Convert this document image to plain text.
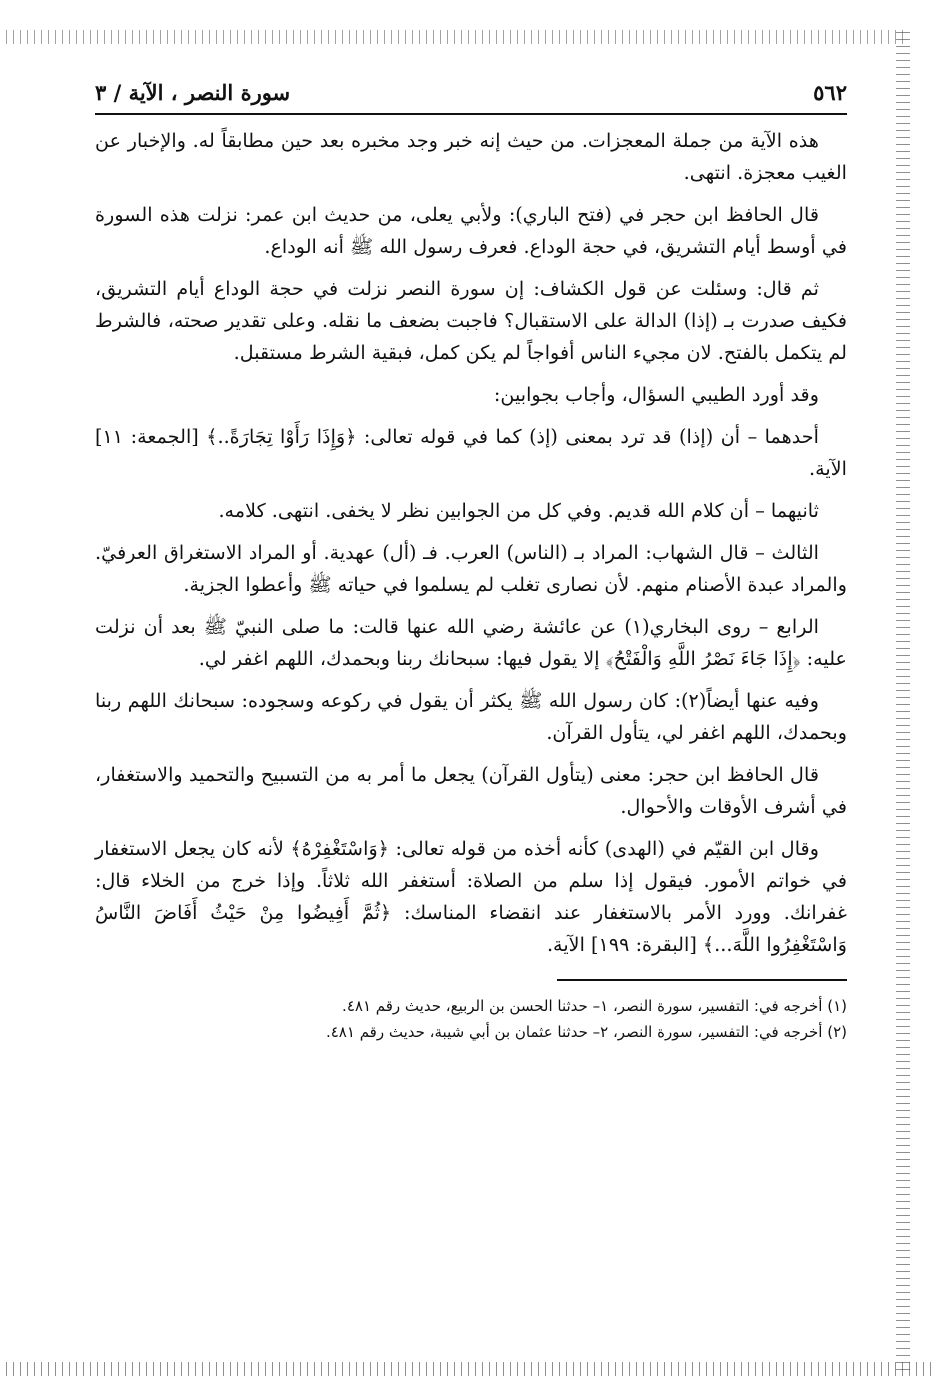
٥٦٢
سورة النصر ، الآية / ٣

هذه الآية من جملة المعجزات. من حيث إنه خبر وجد مخبره بعد حين مطابقاً له. والإخبار عن الغيب معجزة. انتهى.

قال الحافظ ابن حجر في (فتح الباري): ولأبي يعلى، من حديث ابن عمر: نزلت هذه السورة في أوسط أيام التشريق، في حجة الوداع. فعرف رسول الله ﷺ أنه الوداع.

ثم قال: وسئلت عن قول الكشاف: إن سورة النصر نزلت في حجة الوداع أيام التشريق، فكيف صدرت بـ (إذا) الدالة على الاستقبال؟ فاجبت بضعف ما نقله. وعلى تقدير صحته، فالشرط لم يتكمل بالفتح. لان مجيء الناس أفواجاً لم يكن كمل، فبقية الشرط مستقبل.

وقد أورد الطيبي السؤال، وأجاب بجوابين:

أحدهما – أن (إذا) قد ترد بمعنى (إذ) كما في قوله تعالى: ﴿وَإِذَا رَأَوْا تِجَارَةً..﴾ [الجمعة: ١١] الآية.

ثانيهما – أن كلام الله قديم. وفي كل من الجوابين نظر لا يخفى. انتهى. كلامه.

الثالث – قال الشهاب: المراد بـ (الناس) العرب. فـ (أل) عهدية. أو المراد الاستغراق العرفيّ. والمراد عبدة الأصنام منهم. لأن نصارى تغلب لم يسلموا في حياته ﷺ وأعطوا الجزية.

الرابع – روى البخاري(١) عن عائشة رضي الله عنها قالت: ما صلى النبيّ ﷺ بعد أن نزلت عليه: ﴿إِذَا جَاءَ نَصْرُ اللَّهِ وَالْفَتْحُ﴾ إلا يقول فيها: سبحانك ربنا وبحمدك، اللهم اغفر لي.

وفيه عنها أيضاً(٢): كان رسول الله ﷺ يكثر أن يقول في ركوعه وسجوده: سبحانك اللهم ربنا وبحمدك، اللهم اغفر لي، يتأول القرآن.

قال الحافظ ابن حجر: معنى (يتأول القرآن) يجعل ما أمر به من التسبيح والتحميد والاستغفار، في أشرف الأوقات والأحوال.

وقال ابن القيّم في (الهدى) كأنه أخذه من قوله تعالى: ﴿وَاسْتَغْفِرْهُ﴾ لأنه كان يجعل الاستغفار في خواتم الأمور. فيقول إذا سلم من الصلاة: أستغفر الله ثلاثاً. وإذا خرج من الخلاء قال: غفرانك. وورد الأمر بالاستغفار عند انقضاء المناسك: ﴿ثُمَّ أَفِيضُوا مِنْ حَيْثُ أَفَاضَ النَّاسُ وَاسْتَغْفِرُوا اللَّهَ...﴾ [البقرة: ١٩٩] الآية.

(١) أخرجه في: التفسير، سورة النصر، ١– حدثنا الحسن بن الربيع، حديث رقم ٤٨١.

(٢) أخرجه في: التفسير، سورة النصر، ٢– حدثنا عثمان بن أبي شيبة، حديث رقم ٤٨١.
